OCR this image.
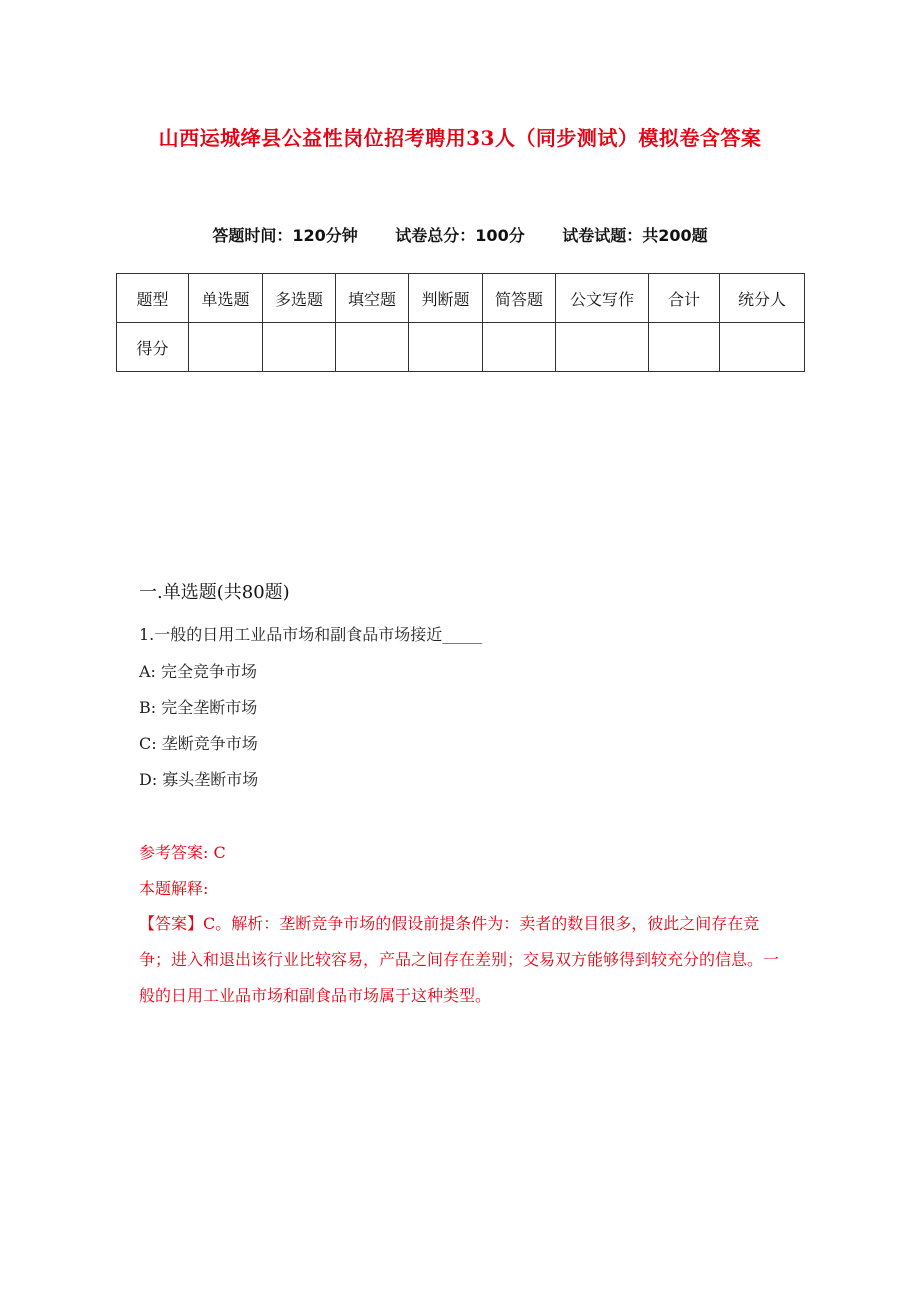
山西运城绛县公益性岗位招考聘用33人（同步测试）模拟卷含答案
答题时间：120分钟 试卷总分：100分 试卷试题：共200题
题型	单选题	多选题	填空题	判断题	简答题	公文写作	合计	统分人
得分								
一.单选题(共80题)
1.一般的日用工业品市场和副食品市场接近_____
A: 完全竞争市场
B: 完全垄断市场
C: 垄断竞争市场
D: 寡头垄断市场
参考答案: C
本题解释:
【答案】C。解析：垄断竞争市场的假设前提条件为：卖者的数目很多，彼此之间存在竞争；进入和退出该行业比较容易，产品之间存在差别；交易双方能够得到较充分的信息。一般的日用工业品市场和副食品市场属于这种类型。
